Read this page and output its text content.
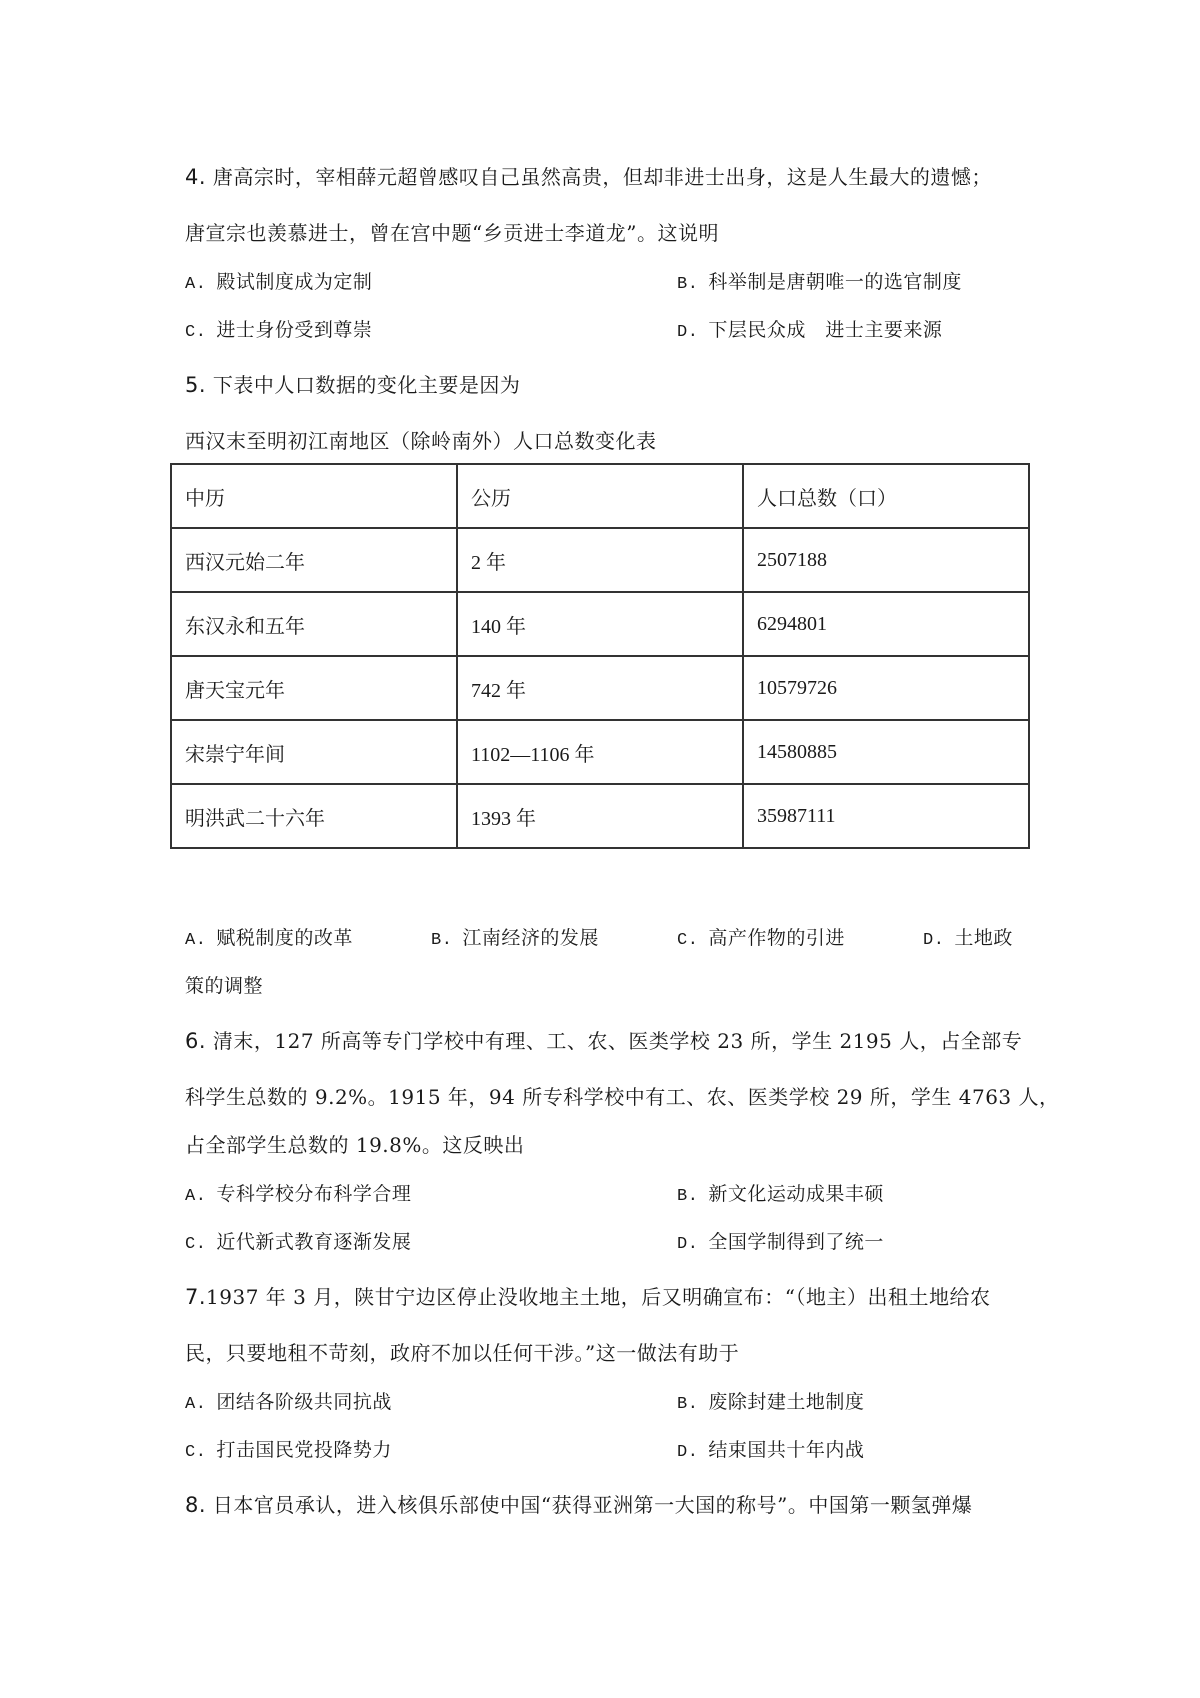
4. 唐高宗时，宰相薛元超曾感叹自己虽然高贵，但却非进士出身，这是人生最大的遗憾；
唐宣宗也羡慕进士，曾在宫中题“乡贡进士李道龙”。这说明
A. 殿试制度成为定制	B. 科举制是唐朝唯一的选官制度
C. 进士身份受到尊崇	D. 下层民众成　进士主要来源
5. 下表中人口数据的变化主要是因为
西汉末至明初江南地区（除岭南外）人口总数变化表
中历	公历	人口总数（口）
西汉元始二年	2 年	2507188
东汉永和五年	140 年	6294801
唐天宝元年	742 年	10579726
宋崇宁年间	1102—1106 年	14580885
明洪武二十六年	1393 年	35987111
A. 赋税制度的改革	B. 江南经济的发展	C. 高产作物的引进	D. 土地政
策的调整
6. 清末，127 所高等专门学校中有理、工、农、医类学校 23 所，学生 2195 人，占全部专
科学生总数的 9.2%。1915 年，94 所专科学校中有工、农、医类学校 29 所，学生 4763 人，
占全部学生总数的 19.8%。这反映出
A. 专科学校分布科学合理	B. 新文化运动成果丰硕
C. 近代新式教育逐渐发展	D. 全国学制得到了统一
7.1937 年 3 月，陕甘宁边区停止没收地主土地，后又明确宣布：“（地主）出租土地给农
民，只要地租不苛刻，政府不加以任何干涉。”这一做法有助于
A. 团结各阶级共同抗战	B. 废除封建土地制度
C. 打击国民党投降势力	D. 结束国共十年内战
8. 日本官员承认，进入核俱乐部使中国“获得亚洲第一大国的称号”。中国第一颗氢弹爆
